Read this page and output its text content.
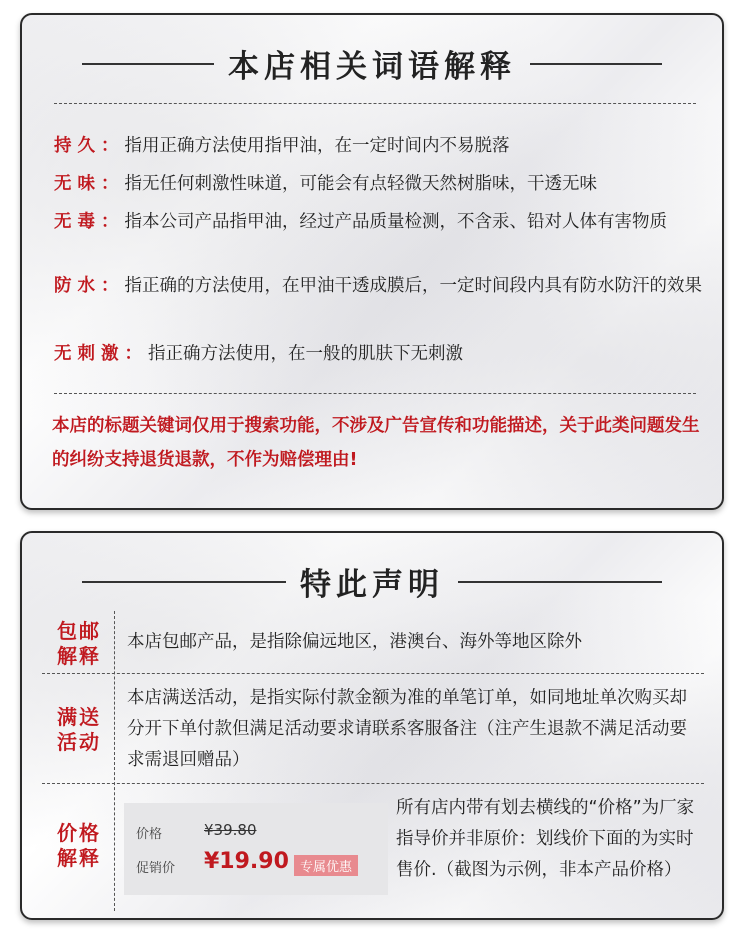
本店相关词语解释
持久： 指用正确方法使用指甲油，在一定时间内不易脱落
无味： 指无任何刺激性味道，可能会有点轻微天然树脂味，干透无味
无毒： 指本公司产品指甲油，经过产品质量检测，不含汞、铅对人体有害物质
防水： 指正确的方法使用，在甲油干透成膜后，一定时间段内具有防水防汗的效果
无刺激： 指正确方法使用，在一般的肌肤下无刺激
本店的标题关键词仅用于搜索功能，不涉及广告宣传和功能描述，关于此类问题发生的纠纷支持退货退款，不作为赔偿理由!
特此声明
包邮解释
本店包邮产品，是指除偏远地区，港澳台、海外等地区除外
满送活动
本店满送活动，是指实际付款金额为准的单笔订单，如同地址单次购买却分开下单付款但满足活动要求请联系客服备注（注产生退款不满足活动要求需退回赠品）
价格解释
价格	¥39.80
促销价 ¥19.90 专属优惠
所有店内带有划去横线的“价格”为厂家指导价并非原价：划线价下面的为实时售价.（截图为示例，非本产品价格）
